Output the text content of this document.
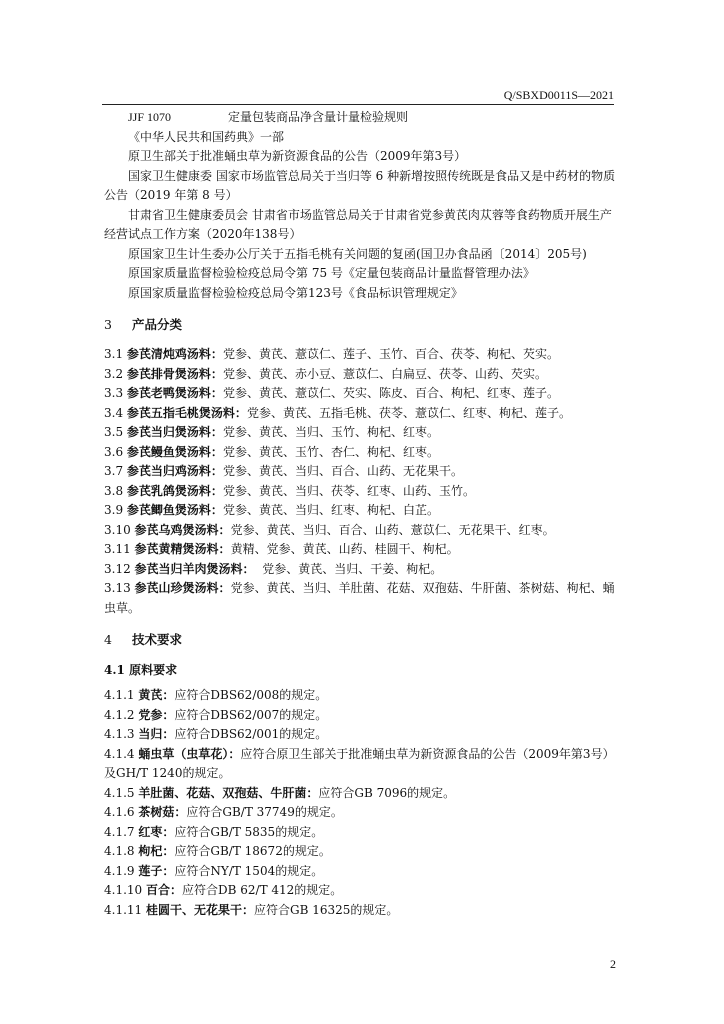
Q/SBXD0011S—2021
JJF 1070	定量包装商品净含量计量检验规则
《中华人民共和国药典》一部
原卫生部关于批准蛹虫草为新资源食品的公告（2009年第3号）
国家卫生健康委 国家市场监管总局关于当归等 6 种新增按照传统既是食品又是中药材的物质公告（2019 年第 8 号）
甘肃省卫生健康委员会 甘肃省市场监管总局关于甘肃省党参黄芪肉苁蓉等食药物质开展生产经营试点工作方案（2020年138号）
原国家卫生计生委办公厅关于五指毛桃有关问题的复函(国卫办食品函〔2014〕205号)
原国家质量监督检验检疫总局令第 75 号《定量包装商品计量监督管理办法》
原国家质量监督检验检疫总局令第123号《食品标识管理规定》
3 产品分类
3.1 参芪清炖鸡汤料：党参、黄芪、薏苡仁、莲子、玉竹、百合、茯苓、枸杞、芡实。
3.2 参芪排骨煲汤料：党参、黄芪、赤小豆、薏苡仁、白扁豆、茯苓、山药、芡实。
3.3 参芪老鸭煲汤料：党参、黄芪、薏苡仁、芡实、陈皮、百合、枸杞、红枣、莲子。
3.4 参芪五指毛桃煲汤料：党参、黄芪、五指毛桃、茯苓、薏苡仁、红枣、枸杞、莲子。
3.5 参芪当归煲汤料：党参、黄芪、当归、玉竹、枸杞、红枣。
3.6 参芪鳗鱼煲汤料：党参、黄芪、玉竹、杏仁、枸杞、红枣。
3.7 参芪当归鸡汤料：党参、黄芪、当归、百合、山药、无花果干。
3.8 参芪乳鸽煲汤料：党参、黄芪、当归、茯苓、红枣、山药、玉竹。
3.9 参芪鲫鱼煲汤料：党参、黄芪、当归、红枣、枸杞、白芷。
3.10 参芪乌鸡煲汤料：党参、黄芪、当归、百合、山药、薏苡仁、无花果干、红枣。
3.11 参芪黄精煲汤料：黄精、党参、黄芪、山药、桂圆干、枸杞。
3.12 参芪当归羊肉煲汤料： 党参、黄芪、当归、干姜、枸杞。
3.13 参芪山珍煲汤料：党参、黄芪、当归、羊肚菌、花菇、双孢菇、牛肝菌、茶树菇、枸杞、蛹虫草。
4 技术要求
4.1 原料要求
4.1.1 黄芪：应符合DBS62/008的规定。
4.1.2 党参：应符合DBS62/007的规定。
4.1.3 当归：应符合DBS62/001的规定。
4.1.4 蛹虫草（虫草花）：应符合原卫生部关于批准蛹虫草为新资源食品的公告（2009年第3号）及GH/T 1240的规定。
4.1.5 羊肚菌、花菇、双孢菇、牛肝菌：应符合GB 7096的规定。
4.1.6 茶树菇：应符合GB/T 37749的规定。
4.1.7 红枣：应符合GB/T 5835的规定。
4.1.8 枸杞：应符合GB/T 18672的规定。
4.1.9 莲子：应符合NY/T 1504的规定。
4.1.10 百合：应符合DB 62/T 412的规定。
4.1.11 桂圆干、无花果干：应符合GB 16325的规定。
2
